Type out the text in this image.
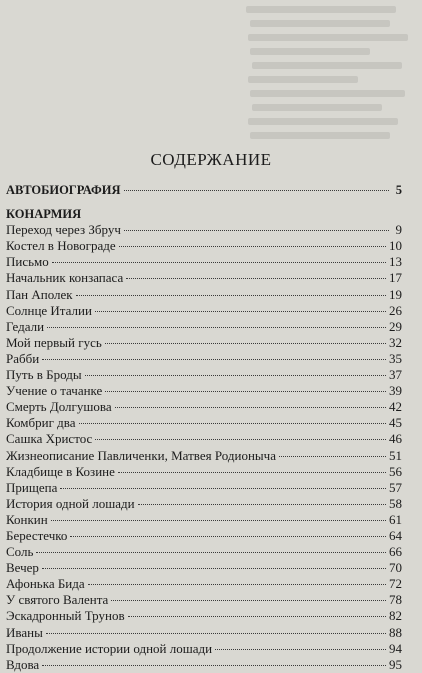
СОДЕРЖАНИЕ
АВТОБИОГРАФИЯ	5
КОНАРМИЯ
Переход через Збруч	9
Костел в Новограде	10
Письмо	13
Начальник конзапаса	17
Пан Аполек	19
Солнце Италии	26
Гедали	29
Мой первый гусь	32
Рабби	35
Путь в Броды	37
Учение о тачанке	39
Смерть Долгушова	42
Комбриг два	45
Сашка Христос	46
Жизнеописание Павличенки, Матвея Родионыча	51
Кладбище в Козине	56
Прищепа	57
История одной лошади	58
Конкин	61
Берестечко	64
Соль	66
Вечер	70
Афонька Бида	72
У святого Валента	78
Эскадронный Трунов	82
Иваны	88
Продолжение истории одной лошади	94
Вдова	95
